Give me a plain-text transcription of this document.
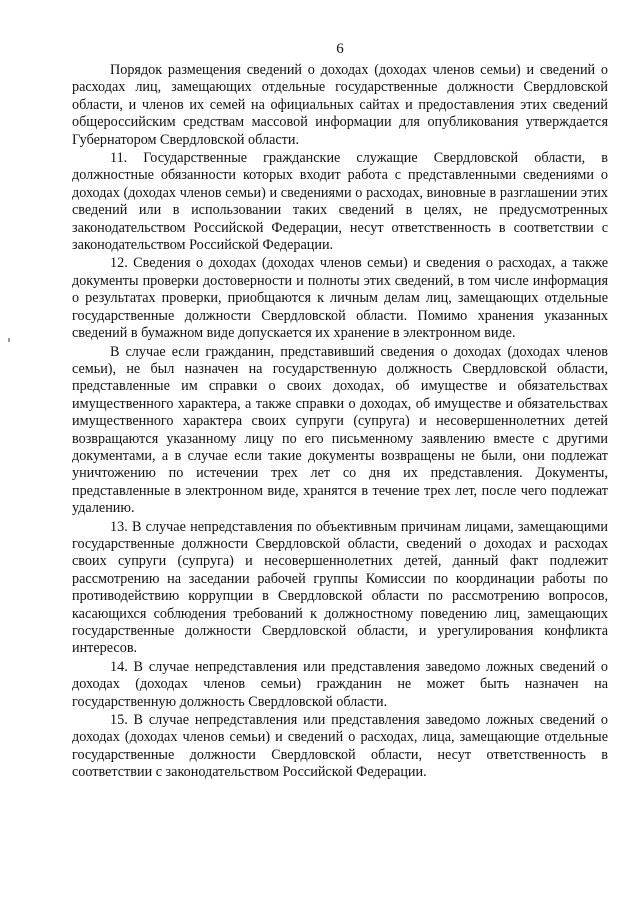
6

Порядок размещения сведений о доходах (доходах членов семьи) и сведений о расходах лиц, замещающих отдельные государственные должности Свердловской области, и членов их семей на официальных сайтах и предоставления этих сведений общероссийским средствам массовой информации для опубликования утверждается Губернатором Свердловской области.

11. Государственные гражданские служащие Свердловской области, в должностные обязанности которых входит работа с представленными сведениями о доходах (доходах членов семьи) и сведениями о расходах, виновные в разглашении этих сведений или в использовании таких сведений в целях, не предусмотренных законодательством Российской Федерации, несут ответственность в соответствии с законодательством Российской Федерации.

12. Сведения о доходах (доходах членов семьи) и сведения о расходах, а также документы проверки достоверности и полноты этих сведений, в том числе информация о результатах проверки, приобщаются к личным делам лиц, замещающих отдельные государственные должности Свердловской области. Помимо хранения указанных сведений в бумажном виде допускается их хранение в электронном виде.

В случае если гражданин, представивший сведения о доходах (доходах членов семьи), не был назначен на государственную должность Свердловской области, представленные им справки о своих доходах, об имуществе и обязательствах имущественного характера, а также справки о доходах, об имуществе и обязательствах имущественного характера своих супруги (супруга) и несовершеннолетних детей возвращаются указанному лицу по его письменному заявлению вместе с другими документами, а в случае если такие документы возвращены не были, они подлежат уничтожению по истечении трех лет со дня их представления. Документы, представленные в электронном виде, хранятся в течение трех лет, после чего подлежат удалению.

13. В случае непредставления по объективным причинам лицами, замещающими государственные должности Свердловской области, сведений о доходах и расходах своих супруги (супруга) и несовершеннолетних детей, данный факт подлежит рассмотрению на заседании рабочей группы Комиссии по координации работы по противодействию коррупции в Свердловской области по рассмотрению вопросов, касающихся соблюдения требований к должностному поведению лиц, замещающих государственные должности Свердловской области, и урегулирования конфликта интересов.

14. В случае непредставления или представления заведомо ложных сведений о доходах (доходах членов семьи) гражданин не может быть назначен на государственную должность Свердловской области.

15. В случае непредставления или представления заведомо ложных сведений о доходах (доходах членов семьи) и сведений о расходах, лица, замещающие отдельные государственные должности Свердловской области, несут ответственность в соответствии с законодательством Российской Федерации.
